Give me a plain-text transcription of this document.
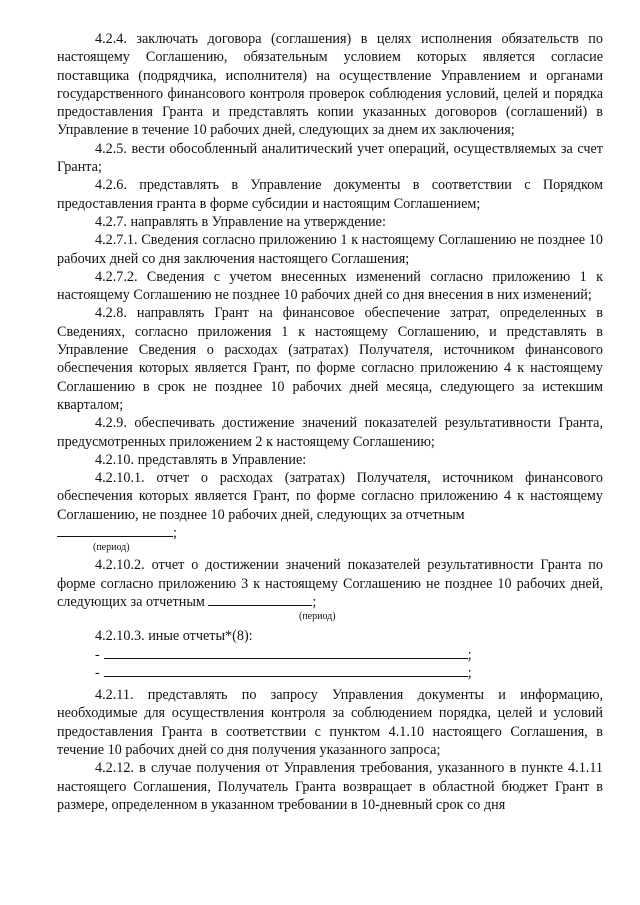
4.2.4. заключать договора (соглашения) в целях исполнения обязательств по настоящему Соглашению, обязательным условием которых является согласие поставщика (подрядчика, исполнителя) на осуществление Управлением и органами государственного финансового контроля проверок соблюдения условий, целей и порядка предоставления Гранта и представлять копии указанных договоров (соглашений) в Управление в течение 10 рабочих дней, следующих за днем их заключения;

4.2.5. вести обособленный аналитический учет операций, осуществляемых за счет Гранта;

4.2.6. представлять в Управление документы в соответствии с Порядком предоставления гранта в форме субсидии и настоящим Соглашением;

4.2.7. направлять в Управление на утверждение:

4.2.7.1. Сведения согласно приложению 1 к настоящему Соглашению не позднее 10 рабочих дней со дня заключения настоящего Соглашения;

4.2.7.2. Сведения с учетом внесенных изменений согласно приложению 1 к настоящему Соглашению не позднее 10 рабочих дней со дня внесения в них изменений;

4.2.8. направлять Грант на финансовое обеспечение затрат, определенных в Сведениях, согласно приложения 1 к настоящему Соглашению, и представлять в Управление Сведения о расходах (затратах) Получателя, источником финансового обеспечения которых является Грант, по форме согласно приложению 4 к настоящему Соглашению в срок не позднее 10 рабочих дней месяца, следующего за истекшим кварталом;

4.2.9. обеспечивать достижение значений показателей результативности Гранта, предусмотренных приложением 2 к настоящему Соглашению;

4.2.10. представлять в Управление:

4.2.10.1. отчет о расходах (затратах) Получателя, источником финансового обеспечения которых является Грант, по форме согласно приложению 4 к настоящему Соглашению, не позднее 10 рабочих дней, следующих за отчетным

;

(период)

4.2.10.2. отчет о достижении значений показателей результативности Гранта по форме согласно приложению 3 к настоящему Соглашению не позднее 10 рабочих дней, следующих за отчетным	;

(период)

4.2.10.3. иные отчеты*(8):

-	;

-	;

4.2.11. представлять по запросу Управления документы и информацию, необходимые для осуществления контроля за соблюдением порядка, целей и условий предоставления Гранта в соответствии с пунктом 4.1.10 настоящего Соглашения, в течение 10 рабочих дней со дня получения указанного запроса;

4.2.12. в случае получения от Управления требования, указанного в пункте 4.1.11 настоящего Соглашения, Получатель Гранта возвращает в областной бюджет Грант в размере, определенном в указанном требовании в 10-дневный срок со дня
